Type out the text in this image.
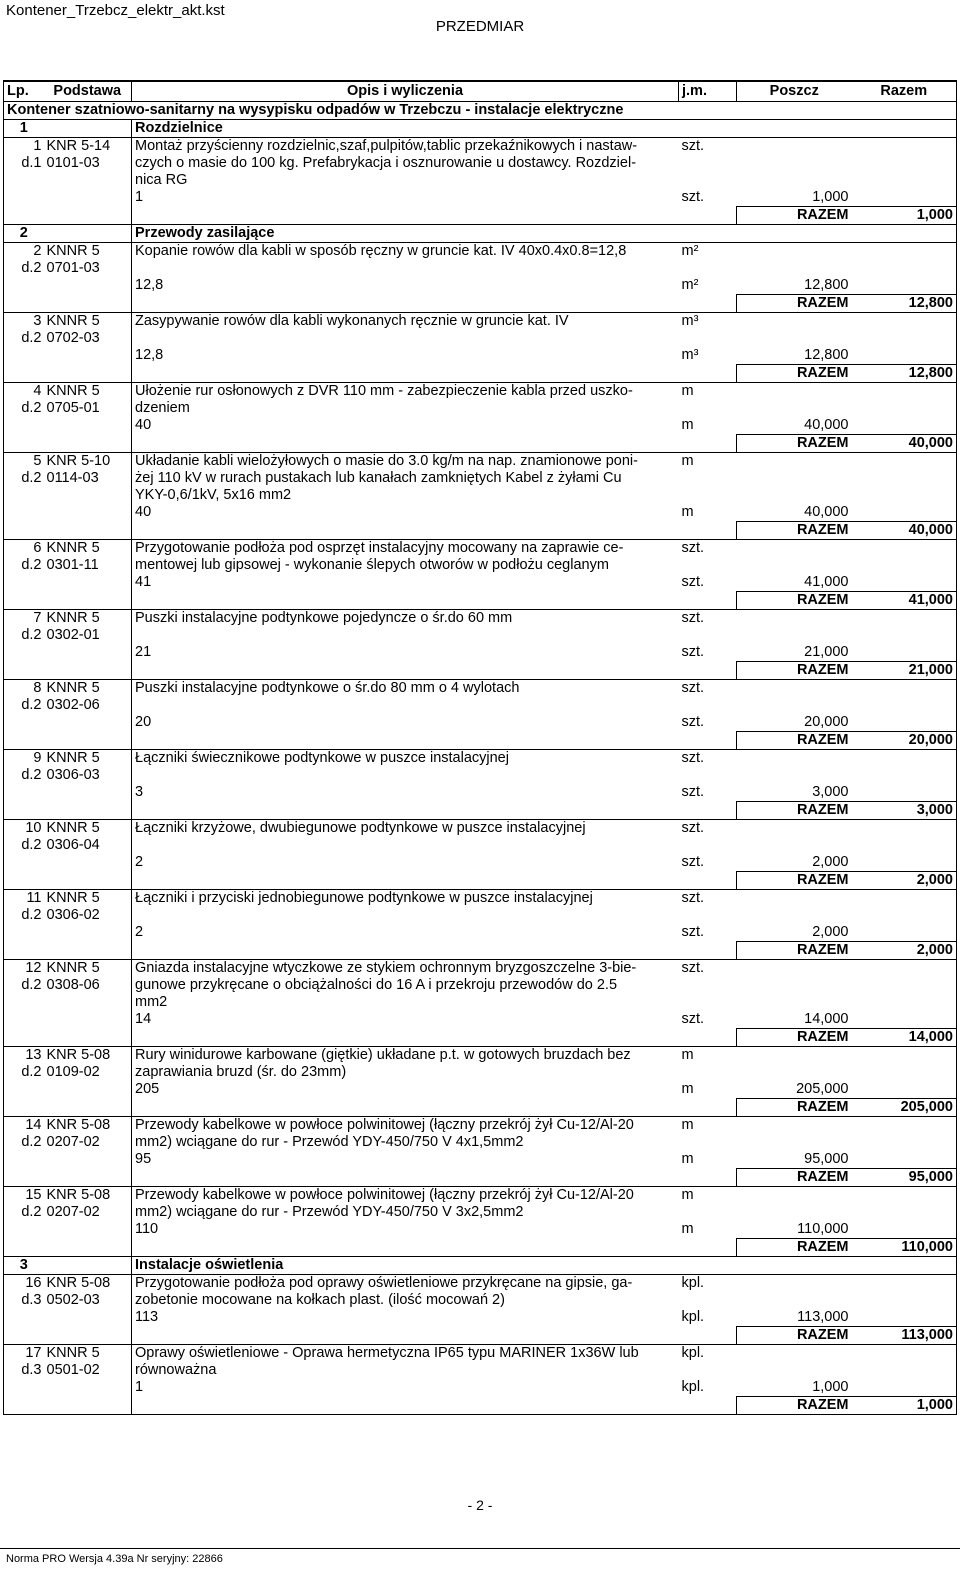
Kontener_Trzebcz_elektr_akt.kst
PRZEDMIAR
Lp.	Podstawa	Opis i wyliczenia	j.m.	Poszcz	Razem
Kontener szatniowo-sanitarny na wysypisku odpadów w Trzebczu - instalacje elektryczne					
1		Rozdzielnice			
1	KNR 5-14	Montaż przyścienny rozdzielnic,szaf,pulpitów,tablic przekaźnikowych i nastaw-	szt.		
d.1	0101-03	czych o masie do 100 kg. Prefabrykacja i osznurowanie u dostawcy. Rozdziel-			
		nica RG			
		1	szt.	1,000	
				RAZEM	1,000
2		Przewody zasilające			
2	KNNR 5	Kopanie rowów dla kabli w sposób ręczny w gruncie kat. IV 40x0.4x0.8=12,8	m²		
d.2	0701-03				
		12,8	m²	12,800	
				RAZEM	12,800
3	KNNR 5	Zasypywanie rowów dla kabli wykonanych ręcznie w gruncie kat. IV	m³		
d.2	0702-03				
		12,8	m³	12,800	
				RAZEM	12,800
4	KNNR 5	Ułożenie rur osłonowych z DVR 110 mm - zabezpieczenie kabla przed uszko-	m		
d.2	0705-01	dzeniem			
		40	m	40,000	
				RAZEM	40,000
5	KNR 5-10	Układanie kabli wielożyłowych o masie do 3.0 kg/m na nap. znamionowe poni-	m		
d.2	0114-03	żej 110 kV w rurach pustakach lub kanałach zamkniętych Kabel z żyłami Cu			
		YKY-0,6/1kV, 5x16 mm2			
		40	m	40,000	
				RAZEM	40,000
6	KNNR 5	Przygotowanie podłoża pod osprzęt instalacyjny mocowany na zaprawie ce-	szt.		
d.2	0301-11	mentowej lub gipsowej - wykonanie ślepych otworów w podłożu ceglanym			
		41	szt.	41,000	
				RAZEM	41,000
7	KNNR 5	Puszki instalacyjne podtynkowe pojedyncze o śr.do 60 mm	szt.		
d.2	0302-01				
		21	szt.	21,000	
				RAZEM	21,000
8	KNNR 5	Puszki instalacyjne podtynkowe o śr.do 80 mm o 4 wylotach	szt.		
d.2	0302-06				
		20	szt.	20,000	
				RAZEM	20,000
9	KNNR 5	Łączniki świecznikowe podtynkowe w puszce instalacyjnej	szt.		
d.2	0306-03				
		3	szt.	3,000	
				RAZEM	3,000
10	KNNR 5	Łączniki krzyżowe, dwubiegunowe podtynkowe w puszce instalacyjnej	szt.		
d.2	0306-04				
		2	szt.	2,000	
				RAZEM	2,000
11	KNNR 5	Łączniki i przyciski jednobiegunowe podtynkowe w puszce instalacyjnej	szt.		
d.2	0306-02				
		2	szt.	2,000	
				RAZEM	2,000
12	KNNR 5	Gniazda instalacyjne wtyczkowe ze stykiem ochronnym bryzgoszczelne 3-bie-	szt.		
d.2	0308-06	gunowe przykręcane o obciążalności do 16 A i przekroju przewodów do 2.5			
		mm2			
		14	szt.	14,000	
				RAZEM	14,000
13	KNR 5-08	Rury winidurowe karbowane (giętkie) układane p.t. w gotowych bruzdach bez	m		
d.2	0109-02	zaprawiania bruzd (śr. do 23mm)			
		205	m	205,000	
				RAZEM	205,000
14	KNR 5-08	Przewody kabelkowe w powłoce polwinitowej (łączny przekrój żył Cu-12/Al-20	m		
d.2	0207-02	mm2) wciągane do rur - Przewód YDY-450/750 V 4x1,5mm2			
		95	m	95,000	
				RAZEM	95,000
15	KNR 5-08	Przewody kabelkowe w powłoce polwinitowej (łączny przekrój żył Cu-12/Al-20	m		
d.2	0207-02	mm2) wciągane do rur - Przewód YDY-450/750 V 3x2,5mm2			
		110	m	110,000	
				RAZEM	110,000
3		Instalacje oświetlenia			
16	KNR 5-08	Przygotowanie podłoża pod oprawy oświetleniowe przykręcane na gipsie, ga-	kpl.		
d.3	0502-03	zobetonie mocowane na kołkach plast. (ilość mocowań 2)			
		113	kpl.	113,000	
				RAZEM	113,000
17	KNNR 5	Oprawy oświetleniowe - Oprawa hermetyczna IP65 typu MARINER 1x36W lub	kpl.		
d.3	0501-02	równoważna			
		1	kpl.	1,000	
				RAZEM	1,000
- 2 -
Norma PRO Wersja 4.39a Nr seryjny: 22866
